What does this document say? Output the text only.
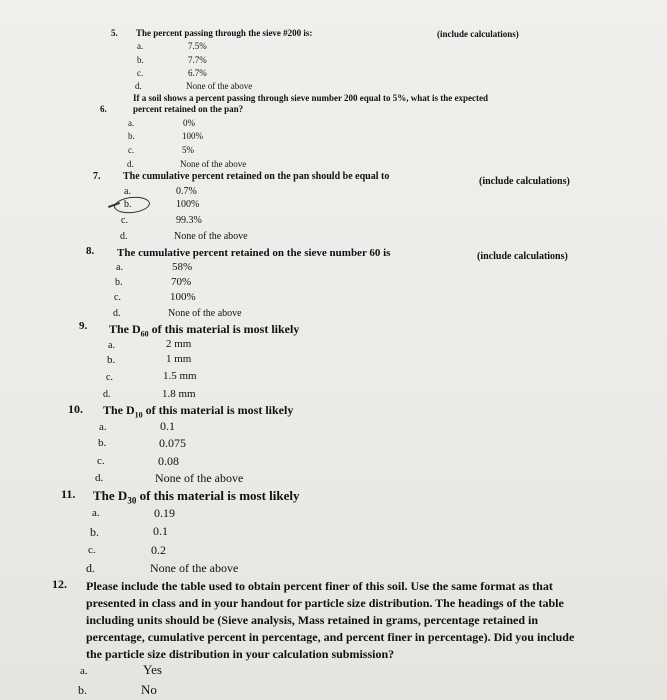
5. The percent passing through the sieve #200 is:	(include calculations)
a.	7.5%
b.	7.7%
c.	6.7%
d.	None of the above
If a soil shows a percent passing through sieve number 200 equal to 5%, what is the expected
6.	percent retained on the pan?
a.	0%
b.	100%
c.	5%
d.	None of the above
7. The cumulative percent retained on the pan should be equal to	(include calculations)
a.	0.7%
b.	100%
c.	99.3%
d.	None of the above
8. The cumulative percent retained on the sieve number 60 is	(include calculations)
a.	58%
b.	70%
c.	100%
d.	None of the above
9. The $D_{60}$ of this material is most likely
a.	2 mm
b.	1 mm
c.	1.5 mm
d.	1.8 mm
10. The $D_{10}$ of this material is most likely
a.	0.1
b.	0.075
c.	0.08
d.	None of the above
11. The $D_{30}$ of this material is most likely
a.	0.19
b.	0.1
c.	0.2
d.	None of the above
12. Please include the table used to obtain percent finer of this soil. Use the same format as that
presented in class and in your handout for particle size distribution. The headings of the table
including units should be (Sieve analysis, Mass retained in grams, percentage retained in
percentage, cumulative percent in percentage, and percent finer in percentage). Did you include
the particle size distribution in your calculation submission?
a.	Yes
b.	No
